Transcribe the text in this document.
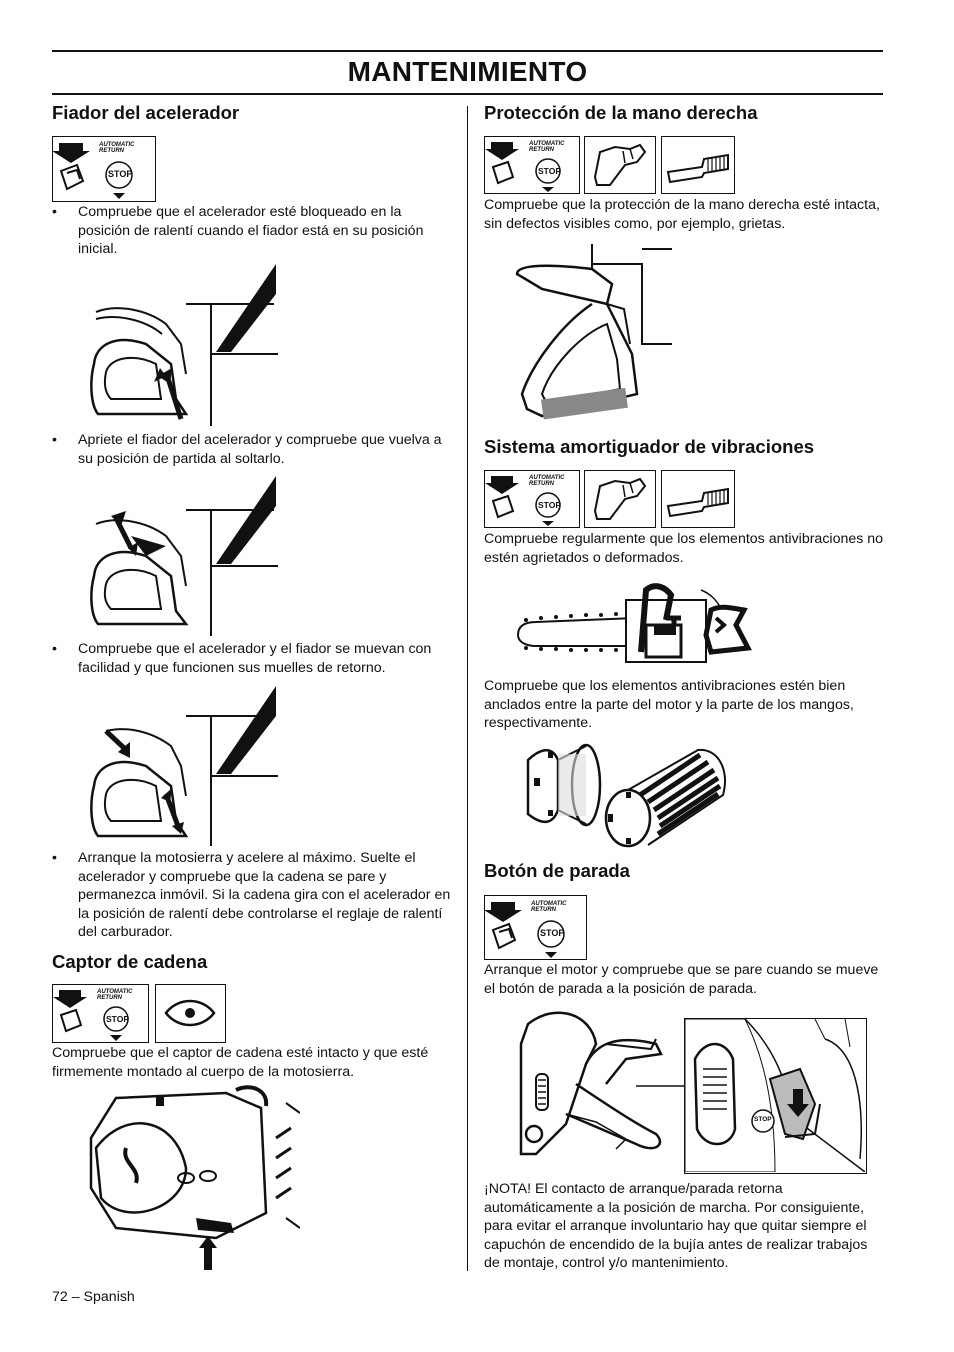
MANTENIMIENTO
Fiador del acelerador
AUTOMATIC
RETURN
STOP
• Compruebe que el acelerador esté bloqueado en la posición de ralentí cuando el fiador está en su posición inicial.
• Apriete el fiador del acelerador y compruebe que vuelva a su posición de partida al soltarlo.
• Compruebe que el acelerador y el fiador se muevan con facilidad y que funcionen sus muelles de retorno.
• Arranque la motosierra y acelere al máximo. Suelte el acelerador y compruebe que la cadena se pare y permanezca inmóvil. Si la cadena gira con el acelerador en la posición de ralentí debe controlarse el reglaje de ralentí del carburador.
Captor de cadena
AUTOMATIC
RETURN
STOP

Compruebe que el captor de cadena esté intacto y que esté firmemente montado al cuerpo de la motosierra.

Protección de la mano derecha
AUTOMATIC
RETURN
STOP

Compruebe que la protección de la mano derecha esté intacta, sin defectos visibles como, por ejemplo, grietas.

Sistema amortiguador de vibraciones
AUTOMATIC
RETURN
STOP

Compruebe regularmente que los elementos antivibraciones no estén agrietados o deformados.

Compruebe que los elementos antivibraciones estén bien anclados entre la parte del motor y la parte de los mangos, respectivamente.

Botón de parada
AUTOMATIC
RETURN
STOP

Arranque el motor y compruebe que se pare cuando se mueve el botón de parada a la posición de parada.

STOP

¡NOTA! El contacto de arranque/parada retorna automáticamente a la posición de marcha. Por consiguiente, para evitar el arranque involuntario hay que quitar siempre el capuchón de encendido de la bujía antes de realizar trabajos de montaje, control y/o mantenimiento.

72 – Spanish
